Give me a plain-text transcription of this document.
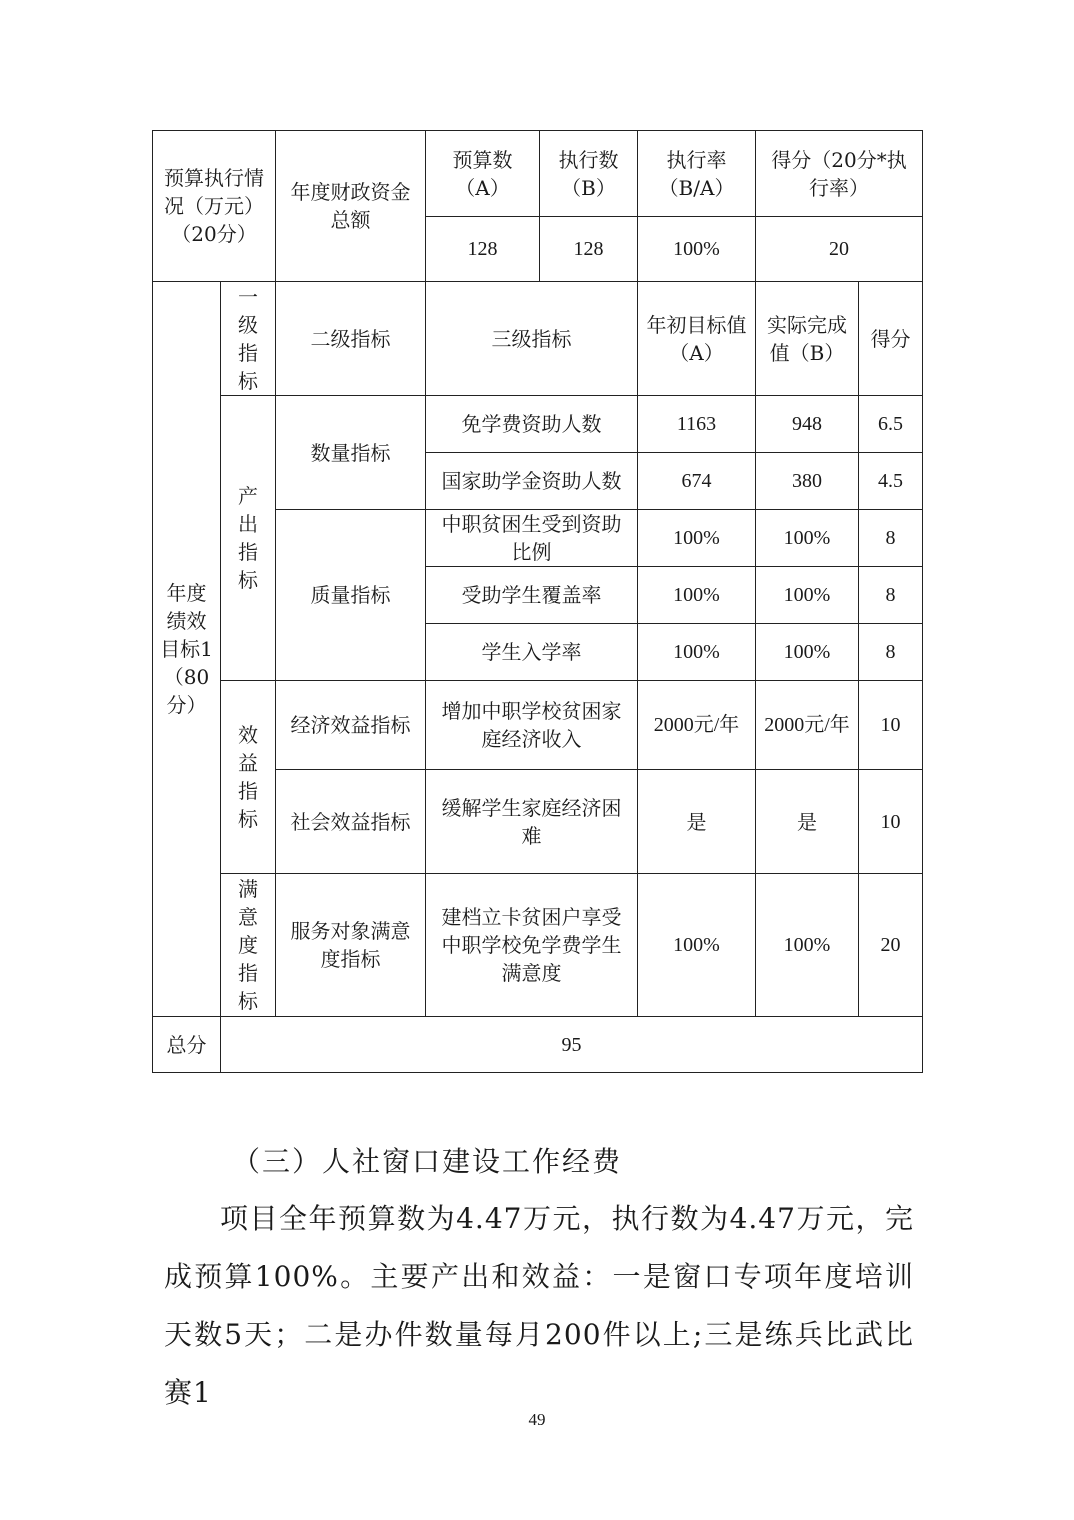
预算执行情况（万元）（20分）		年度财政资金总额	预算数（A）	执行数（B）	执行率（B/A）	得分（20分*执行率）	
			128	128	100%	20	
年度绩效目标1（80分）	一级指标	二级指标	三级指标		年初目标值（A）	实际完成值（B）	得分

	产出指标	数量指标	免学费资助人数		1163	948	6.5
			国家助学金资助人数		674	380	4.5
		质量指标	中职贫困生受到资助比例		100%	100%	8
			受助学生覆盖率		100%	100%	8
			学生入学率		100%	100%	8

	效益指标	经济效益指标	增加中职学校贫困家庭经济收入		2000元/年	2000元/年	10
		社会效益指标	缓解学生家庭经济困难		是	是	10

	满意度指标	服务对象满意度指标	建档立卡贫困户享受中职学校免学费学生满意度		100%	100%	20
总分	95						
（三）人社窗口建设工作经费

项目全年预算数为4.47万元，执行数为4.47万元，完成预算100%。主要产出和效益：一是窗口专项年度培训天数5天；二是办件数量每月200件以上;三是练兵比武比赛1

49
